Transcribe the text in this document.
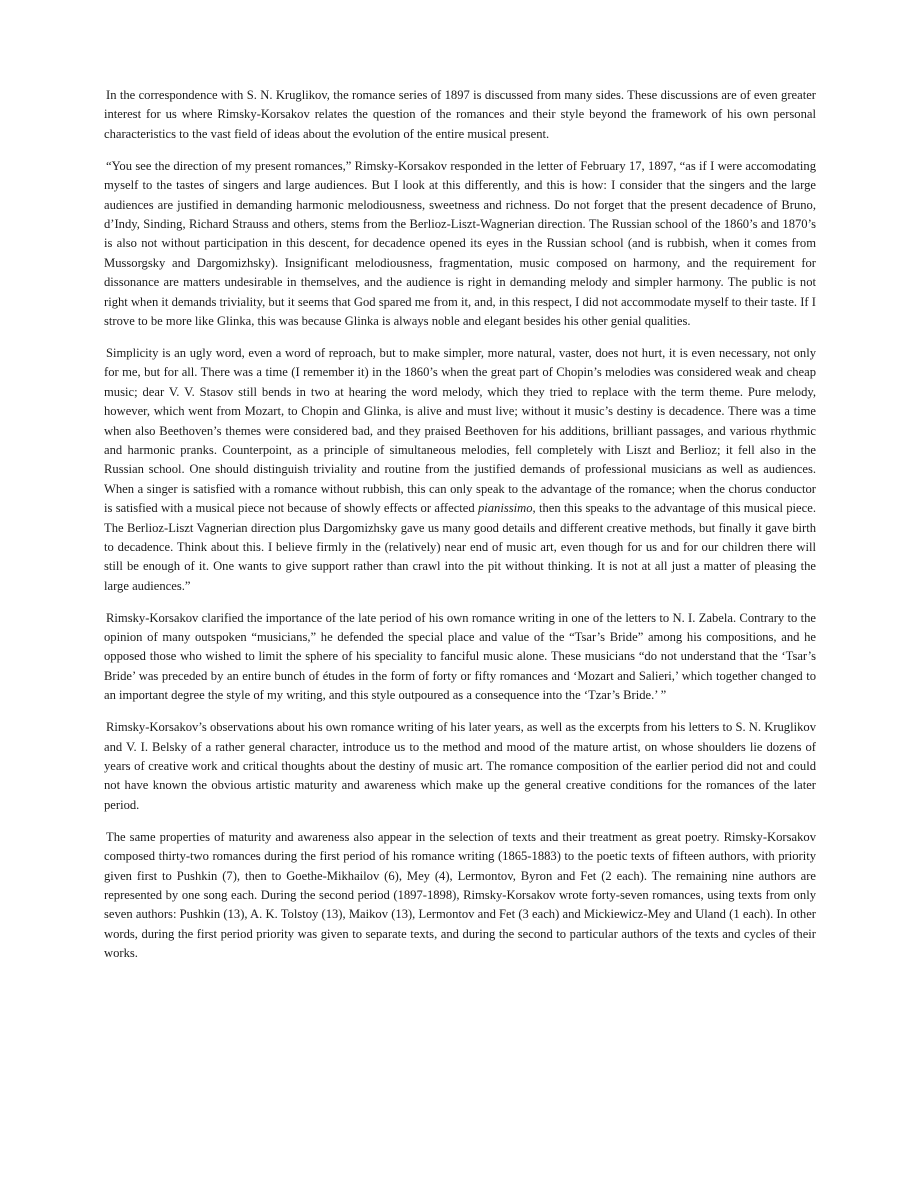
In the correspondence with S. N. Kruglikov, the romance series of 1897 is discussed from many sides. These discussions are of even greater interest for us where Rimsky-Korsakov relates the question of the romances and their style beyond the framework of his own personal characteristics to the vast field of ideas about the evolution of the entire musical present.

“You see the direction of my present romances,” Rimsky-Korsakov responded in the letter of February 17, 1897, “as if I were accomodating myself to the tastes of singers and large audiences. But I look at this differently, and this is how: I consider that the singers and the large audiences are justified in demanding harmonic melodiousness, sweetness and richness. Do not forget that the present decadence of Bruno, d’Indy, Sinding, Richard Strauss and others, stems from the Berlioz-Liszt-Wagnerian direction. The Russian school of the 1860’s and 1870’s is also not without participation in this descent, for decadence opened its eyes in the Russian school (and is rubbish, when it comes from Mussorgsky and Dargomizhsky). Insignificant melodiousness, fragmentation, music composed on harmony, and the requirement for dissonance are matters undesirable in themselves, and the audience is right in demanding melody and simpler harmony. The public is not right when it demands triviality, but it seems that God spared me from it, and, in this respect, I did not accommodate myself to their taste. If I strove to be more like Glinka, this was because Glinka is always noble and elegant besides his other genial qualities.

Simplicity is an ugly word, even a word of reproach, but to make simpler, more natural, vaster, does not hurt, it is even necessary, not only for me, but for all. There was a time (I remember it) in the 1860’s when the great part of Chopin’s melodies was considered weak and cheap music; dear V. V. Stasov still bends in two at hearing the word melody, which they tried to replace with the term theme. Pure melody, however, which went from Mozart, to Chopin and Glinka, is alive and must live; without it music’s destiny is decadence. There was a time when also Beethoven’s themes were considered bad, and they praised Beethoven for his additions, brilliant passages, and various rhythmic and harmonic pranks. Counterpoint, as a principle of simultaneous melodies, fell completely with Liszt and Berlioz; it fell also in the Russian school. One should distinguish triviality and routine from the justified demands of professional musicians as well as audiences. When a singer is satisfied with a romance without rubbish, this can only speak to the advantage of the romance; when the chorus conductor is satisfied with a musical piece not because of showly effects or affected pianissimo, then this speaks to the advantage of this musical piece. The Berlioz-Liszt Vagnerian direction plus Dargomizhsky gave us many good details and different creative methods, but finally it gave birth to decadence. Think about this. I believe firmly in the (relatively) near end of music art, even though for us and for our children there will still be enough of it. One wants to give support rather than crawl into the pit without thinking. It is not at all just a matter of pleasing the large audiences.”

Rimsky-Korsakov clarified the importance of the late period of his own romance writing in one of the letters to N. I. Zabela. Contrary to the opinion of many outspoken “musicians,” he defended the special place and value of the “Tsar’s Bride” among his compositions, and he opposed those who wished to limit the sphere of his speciality to fanciful music alone. These musicians “do not understand that the ‘Tsar’s Bride’ was preceded by an entire bunch of études in the form of forty or fifty romances and ‘Mozart and Salieri,’ which together changed to an important degree the style of my writing, and this style outpoured as a consequence into the ‘Tzar’s Bride.’ ”

Rimsky-Korsakov’s observations about his own romance writing of his later years, as well as the excerpts from his letters to S. N. Kruglikov and V. I. Belsky of a rather general character, introduce us to the method and mood of the mature artist, on whose shoulders lie dozens of years of creative work and critical thoughts about the destiny of music art. The romance composition of the earlier period did not and could not have known the obvious artistic maturity and awareness which make up the general creative conditions for the romances of the later period.

The same properties of maturity and awareness also appear in the selection of texts and their treatment as great poetry. Rimsky-Korsakov composed thirty-two romances during the first period of his romance writing (1865-1883) to the poetic texts of fifteen authors, with priority given first to Pushkin (7), then to Goethe-Mikhailov (6), Mey (4), Lermontov, Byron and Fet (2 each). The remaining nine authors are represented by one song each. During the second period (1897-1898), Rimsky-Korsakov wrote forty-seven romances, using texts from only seven authors: Pushkin (13), A. K. Tolstoy (13), Maikov (13), Lermontov and Fet (3 each) and Mickiewicz-Mey and Uland (1 each). In other words, during the first period priority was given to separate texts, and during the second to particular authors of the texts and cycles of their works.
